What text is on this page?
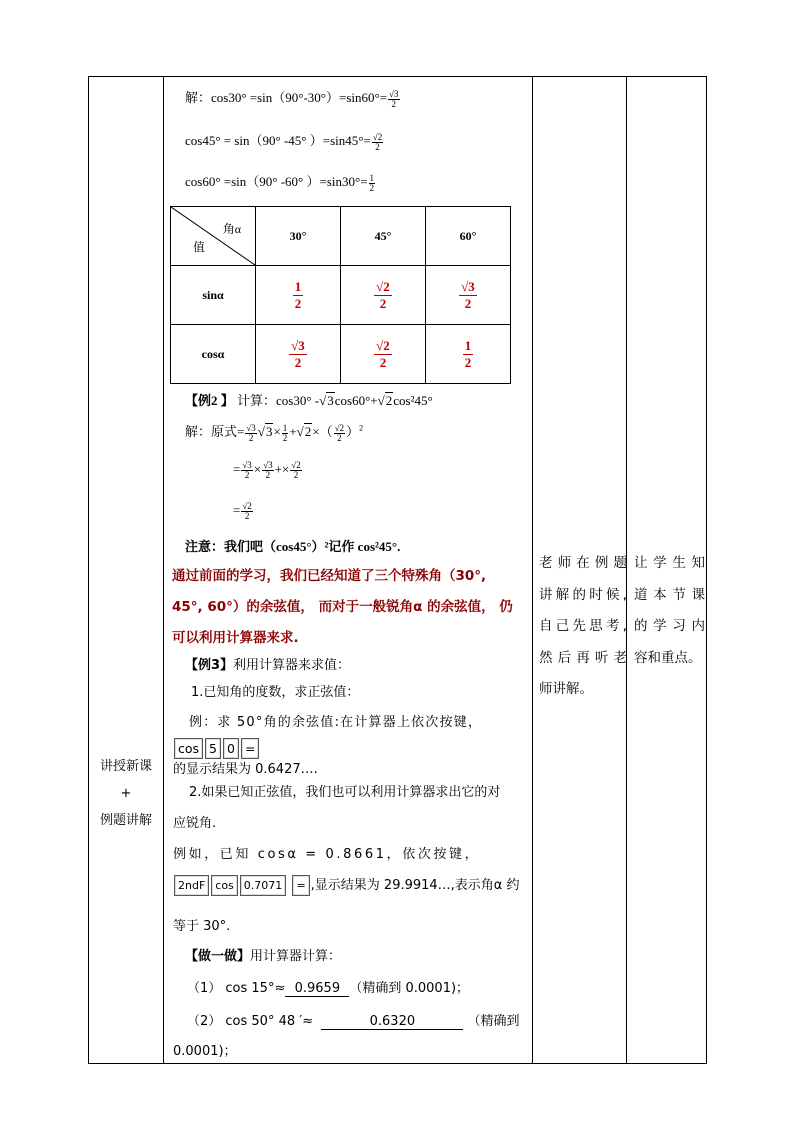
讲授新课
+
例题讲解
老师在例题
讲解的时候,
自己先思考,
然后再听老
师讲解。
让学生知
道本节课
的学习内
容和重点。
解：$\cos 30^\circ =\sin(90^\circ-30^\circ)=\sin 60^\circ= \frac{√3}{2}$
cos45° = sin（90° -45° ）$=\sin 45^\circ= \frac{√2}{2}$
cos60° =sin（90° -60° ）$=\sin 30^\circ= \frac{1}{2}$
角α
值	30°	45°	60°
sinα	$\frac{1}{2}$	$\frac{√2}{2}$	$\frac{√3}{2}$

cosα	$\frac{√3}{2}$	$\frac{√2}{2}$	$\frac{1}{2}$
【例2 】 计算：cos30° -√3cos60°+√2cos²45°
解：原式= $\frac{√3}{2} √3\times \frac{1}{2} +√2\times( \frac{√2}{2} )^2$
= $\frac{√3}{2} \times \frac{√3}{2} +\times \frac{√2}{2}$
= $\frac{√2}{2}$
注意：我们吧（cos45°）²记作 cos²45°.
通过前面的学习，我们已经知道了三个特殊角（30°,
45°, 60°）的余弦值， 而对于一般锐角α 的余弦值， 仍
可以利用计算器来求.
【例3】利用计算器来求值：
1.已知角的度数，求正弦值：
例：求 50°角的余弦值:在计算器上依次按键，
cos 5 0 =
的显示结果为 0.6427….
2.如果已知正弦值，我们也可以利用计算器求出它的对
应锐角.
例如，已知 cosα = 0.8661，依次按键，
2ndF cos 0.7071 = ,显示结果为 29.9914…,表示角α 约
等于 30°.
【做一做】用计算器计算：
（1） cos 15°≈ 0.9659 （精确到 0.0001)；
（2） cos 50° 48 ′≈	0.6320	（精确到
0.0001)；
